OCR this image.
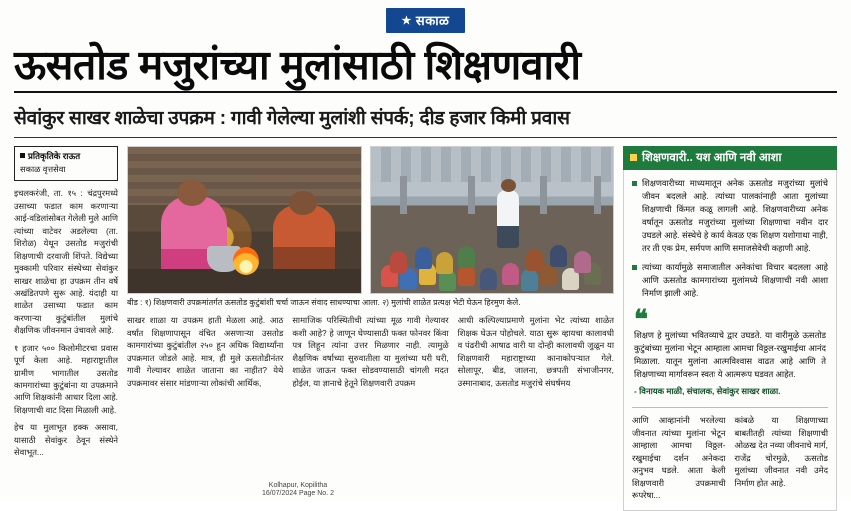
★ सकाळ
ऊसतोड मजुरांच्या मुलांसाठी शिक्षणवारी
सेवांकुर साखर शाळेचा उपक्रम : गावी गेलेल्या मुलांशी संपर्क; दीड हजार किमी प्रवास
प्रतिकृतिके राऊत
सकाळ वृत्तसेवा

इचलकरंजी, ता. १५ : चंद्रपुरमध्ये उसाच्या फडात काम करणाऱ्या आई-वडिलांसोबत गेलेली मुले आणि त्यांच्या वाटेवर अडलेल्या (ता. शिरोळ) येथून उसतोड मजुरांची शिक्षणाची दरवाजी शिंपते. विद्येच्या मुक्कामी परिवार संस्थेच्या सेवांकुर साखर शाळेचा हा उपक्रम तीन वर्षे अखंडितपणे सुरू आहे. यंदाही या शाळेत उसाच्या फडात काम करणाऱ्या कुटुंबांतील मुलांचे शैक्षणिक जीवनमान उंचावले आहे.

१ हजार ५०० किलोमीटरचा प्रवास पूर्ण केला आहे. महाराष्ट्रातील ग्रामीण भागातील उसतोड कामगारांच्या कुटुंबांना या उपक्रमाने आणि शिक्षकांनी आधार दिला आहे. शिक्षणाची वाट दिसा मिळाली आहे.

हेच या मुलाभूत हक्क असावा, यासाठी सेवांकुर ठेवून संस्थेने सेवाभूत...

बीड : १) शिक्षणवारी उपक्रमांतर्गत ऊसतोड कुटुंबांशी चर्चा जाऊन संवाद साधण्याचा आला. २) मुलांची शाळेत प्रत्यक्ष भेटी घेऊन हिरमुण केले.

साखर शाळा या उपक्रम हाती मेळला आहे. आठ वर्षांत शिक्षणापासून वंचित असणाऱ्या उसतोड कामगारांच्या कुटुंबांतील २५० हून अधिक विद्यार्थ्यांना उपक्रमात जोडले आहे. मात्र, ही मुले ऊसतोडीनंतर गावी गेल्यावर शाळेत जाताना का नाहीत? येथे उपक्रमावर संसार मांडणाऱ्या लोकांची आर्थिक,

सामाजिक परिस्थितीची त्यांच्या मूळ गावी गेल्यावर कशी आहे? हे जाणून घेण्यासाठी फक्त फोनवर किंवा पत्र लिहून त्यांना उत्तर मिळणार नाही. त्यामुळे शैक्षणिक वर्षाच्या सुरुवातीला या मुलांच्या घरी घरी, शाळेत जाऊन फक्त सोडवण्यासाठी चांगली मदत होईल, या ज्ञानाचे हेतूने शिक्षणवारी उपक्रम

आधी कल्पिल्याप्रमाणे मुलांना भेट त्यांच्या शाळेत शिक्षक घेऊन पोहोचले. याठा सुरू व्हायचा कालावधी व पंढरीची आषाढ वारी या दोन्ही कालावधी जुळून या शिक्षणवारी महाराष्ट्राच्या कानाकोपऱ्यात गेले. सोलापूर, बीड, जालना, छत्रपती संभाजीनगर, उस्मानाबाद, ऊसतोड मजुरांचे संघर्षमय

शिक्षणवारी.. यश आणि नवी आशा
शिक्षणवारीच्या माध्यमातून अनेक ऊसतोड मजुरांच्या मुलांचे जीवन बदलले आहे. त्यांच्या पालकांनाही आता मुलांच्या शिक्षणाची किंमत कळू लागली आहे. शिक्षणवारीच्या अनेक वर्षातून ऊसतोड मजुरांच्या मुलांच्या शिक्षणाचा नवीन दार उघडले आहे. संस्थेचे हे कार्य केवळ एक शिक्षण यशोगाथा नाही, तर ती एक प्रेम, सर्मपण आणि समाजसेवेची कहाणी आहे.
त्यांच्या कार्यामुळे समाजातील अनेकांचा विचार बदलला आहे आणि ऊसतोड कामगारांच्या मुलांमध्ये शिक्षणाची नवी आशा निर्माण झाली आहे.
❝
शिक्षण हे मुलांच्या भवितव्याचे द्वार उघडते. या वारीमुळे ऊसतोड कुटुंबांच्या मुलांना भेटून आम्हाला आमचा विठ्ठल-रखुमाईचा आनंद मिळाला. यातून मुलांना आत्मविश्वास वाढत आहे आणि ते शिक्षणाच्या मार्गावरून स्वतः ये आत्मरूप घडवत आहेत.
- विनायक माळी, संचालक, सेवांकुर साखर शाळा.
आणि आव्हानांनी भरलेल्या जीवनात त्यांच्या मुलांना भेटून आम्हाला आमचा विठ्ठल-रखुमाईचा दर्शन अनेकदा अनुभव घडले. आता केली शिक्षणवारी उपक्रमाची रूपरेषा...
कांबळे या शिक्षणाच्या बाबतीतही त्यांच्या शिक्षणाची ओळख देत नव्या जीवनाचे मार्ग, राजेंद्र चोरमुळे, ऊसतोड मुलांच्या जीवनात नवी उमेद निर्माण होत आहे.
Kolhapur, Kopilitha
16/07/2024 Page No. 2
